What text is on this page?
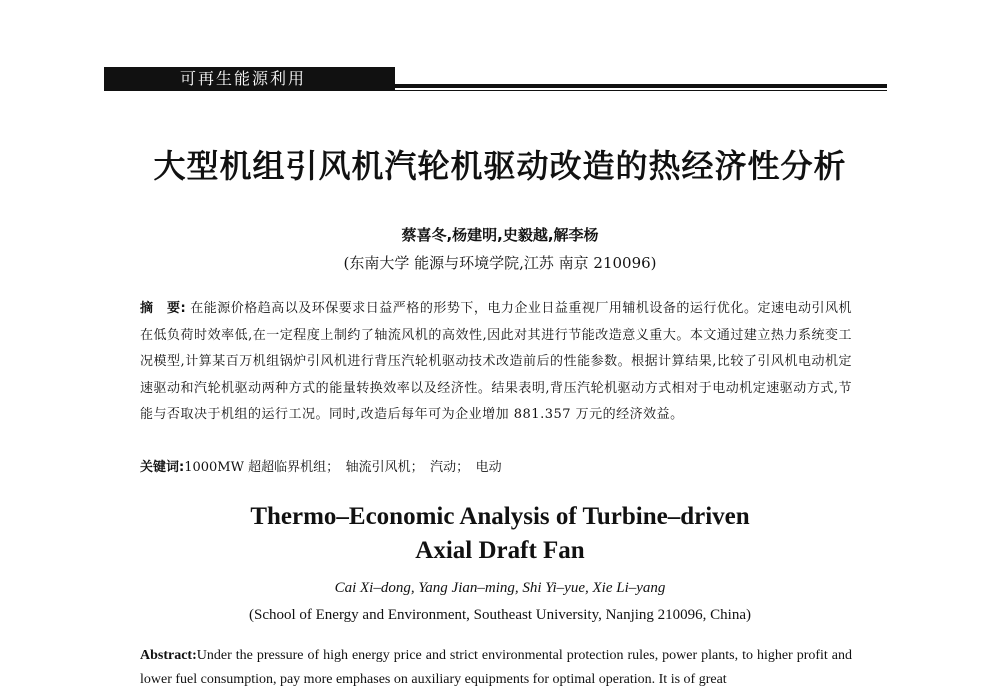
可再生能源利用
大型机组引风机汽轮机驱动改造的热经济性分析
蔡喜冬,杨建明,史毅越,解李杨
(东南大学 能源与环境学院,江苏 南京 210096)
摘　要: 在能源价格趋高以及环保要求日益严格的形势下，电力企业日益重视厂用辅机设备的运行优化。定速电动引风机在低负荷时效率低,在一定程度上制约了轴流风机的高效性,因此对其进行节能改造意义重大。本文通过建立热力系统变工况模型,计算某百万机组锅炉引风机进行背压汽轮机驱动技术改造前后的性能参数。根据计算结果,比较了引风机电动机定速驱动和汽轮机驱动两种方式的能量转换效率以及经济性。结果表明,背压汽轮机驱动方式相对于电动机定速驱动方式,节能与否取决于机组的运行工况。同时,改造后每年可为企业增加 881.357 万元的经济效益。
关键词:1000MW 超超临界机组；　轴流引风机；　汽动；　电动
Thermo–Economic Analysis of Turbine–driven
Axial Draft Fan
Cai Xi–dong, Yang Jian–ming, Shi Yi–yue, Xie Li–yang
(School of Energy and Environment, Southeast University, Nanjing 210096, China)
Abstract:Under the pressure of high energy price and strict environmental protection rules, power plants, to higher profit and lower fuel consumption, pay more emphases on auxiliary equipments for optimal operation. It is of great
